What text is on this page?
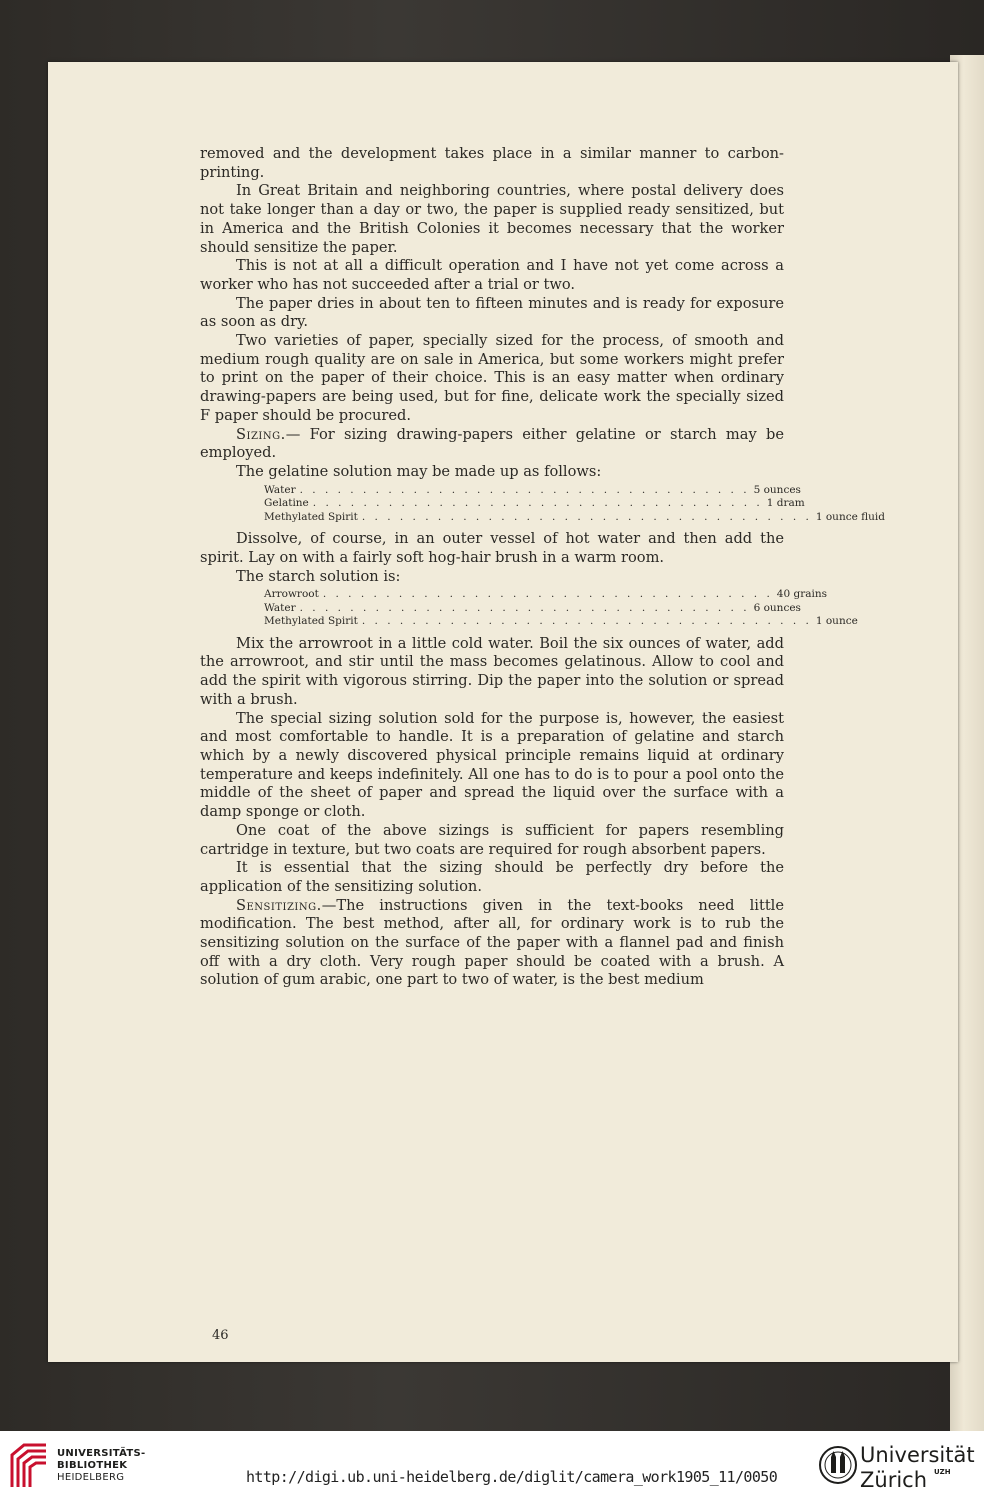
removed and the development takes place in a similar manner to carbon-printing.

In Great Britain and neighboring countries, where postal delivery does not take longer than a day or two, the paper is supplied ready sensitized, but in America and the British Colonies it becomes necessary that the worker should sensitize the paper.

This is not at all a difficult operation and I have not yet come across a worker who has not succeeded after a trial or two.

The paper dries in about ten to fifteen minutes and is ready for exposure as soon as dry.

Two varieties of paper, specially sized for the process, of smooth and medium rough quality are on sale in America, but some workers might prefer to print on the paper of their choice. This is an easy matter when ordinary drawing-papers are being used, but for fine, delicate work the specially sized F paper should be procured.

Sizing.— For sizing drawing-papers either gelatine or starch may be employed.

The gelatine solution may be made up as follows:

Water . . . . . . . . . . . . . . . . . . . . . . . . . . . . . . . . . . . . 5 ounces
Gelatine . . . . . . . . . . . . . . . . . . . . . . . . . . . . . . . . . . . . 1 dram
Methylated Spirit . . . . . . . . . . . . . . . . . . . . . . . . . . . . . . . . . . . . 1 ounce fluid

Dissolve, of course, in an outer vessel of hot water and then add the spirit. Lay on with a fairly soft hog-hair brush in a warm room.

The starch solution is:

Arrowroot . . . . . . . . . . . . . . . . . . . . . . . . . . . . . . . . . . . . 40 grains
Water . . . . . . . . . . . . . . . . . . . . . . . . . . . . . . . . . . . . 6 ounces
Methylated Spirit . . . . . . . . . . . . . . . . . . . . . . . . . . . . . . . . . . . . 1 ounce

Mix the arrowroot in a little cold water. Boil the six ounces of water, add the arrowroot, and stir until the mass becomes gelatinous. Allow to cool and add the spirit with vigorous stirring. Dip the paper into the solution or spread with a brush.

The special sizing solution sold for the purpose is, however, the easiest and most comfortable to handle. It is a preparation of gelatine and starch which by a newly discovered physical principle remains liquid at ordinary temperature and keeps indefinitely. All one has to do is to pour a pool onto the middle of the sheet of paper and spread the liquid over the surface with a damp sponge or cloth.

One coat of the above sizings is sufficient for papers resembling cartridge in texture, but two coats are required for rough absorbent papers.

It is essential that the sizing should be perfectly dry before the application of the sensitizing solution.

Sensitizing.—The instructions given in the text-books need little modification. The best method, after all, for ordinary work is to rub the sensitizing solution on the surface of the paper with a flannel pad and finish off with a dry cloth. Very rough paper should be coated with a brush. A solution of gum arabic, one part to two of water, is the best medium

46
UNIVERSITÄTS-
BIBLIOTHEK
HEIDELBERG	http://digi.ub.uni-heidelberg.de/diglit/camera_work1905_11/0050
Universität
Zürich UZH
